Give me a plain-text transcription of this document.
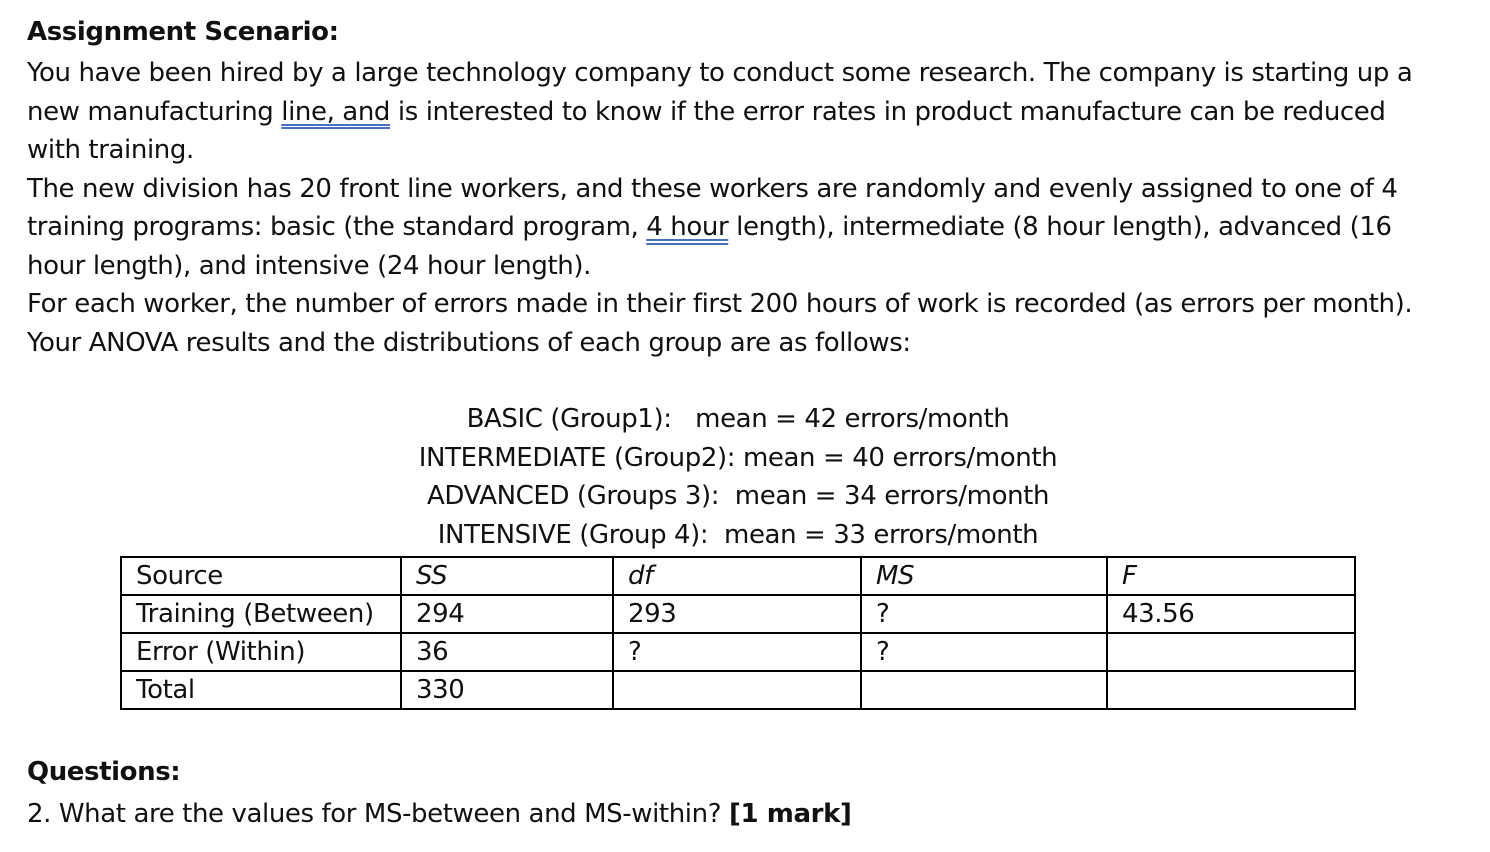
Assignment Scenario:
You have been hired by a large technology company to conduct some research. The company is starting up a
new manufacturing line, and is interested to know if the error rates in product manufacture can be reduced
with training.
The new division has 20 front line workers, and these workers are randomly and evenly assigned to one of 4
training programs: basic (the standard program, 4 hour length), intermediate (8 hour length), advanced (16
hour length), and intensive (24 hour length).
For each worker, the number of errors made in their first 200 hours of work is recorded (as errors per month).
Your ANOVA results and the distributions of each group are as follows:
BASIC (Group1):   mean = 42 errors/month
INTERMEDIATE (Group2): mean = 40 errors/month
ADVANCED (Groups 3):  mean = 34 errors/month
INTENSIVE (Group 4):  mean = 33 errors/month
Source	SS	df	MS	F
Training (Between)	294	293	?	43.56
Error (Within)	36	?	?	
Total	330			
Questions:
2. What are the values for MS-between and MS-within? [1 mark]
